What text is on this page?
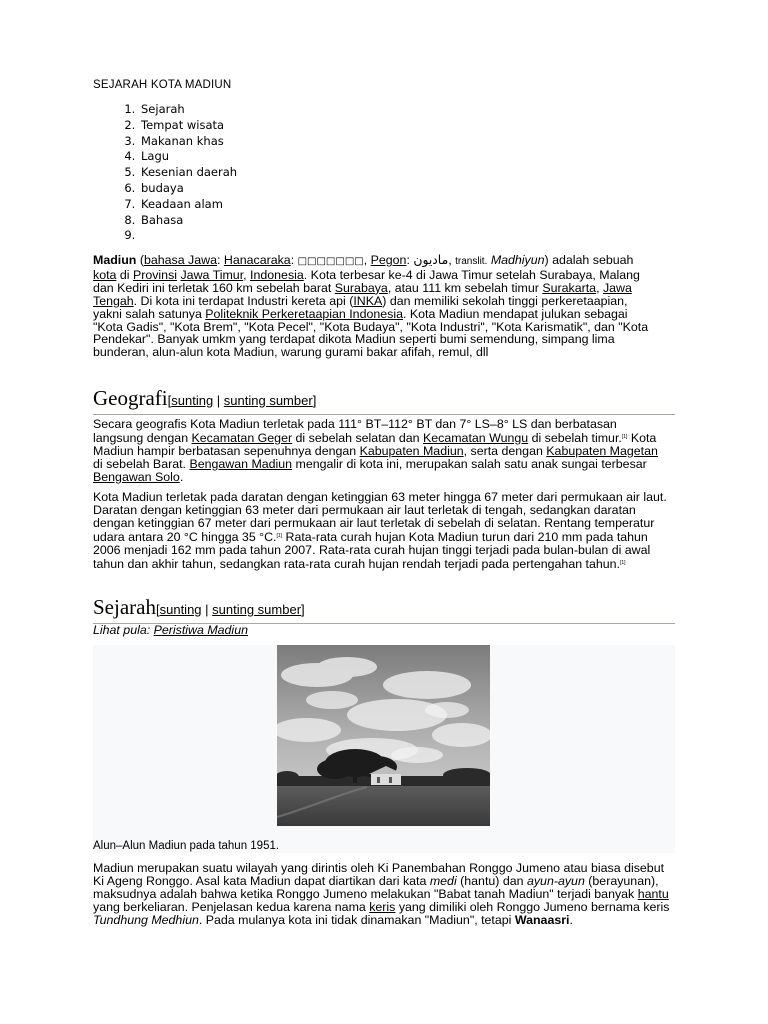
SEJARAH KOTA MADIUN
1. Sejarah
2. Tempat wisata
3. Makanan khas
4. Lagu
5. Kesenian daerah
6. budaya
7. Keadaan alam
8. Bahasa
9.

Madiun (bahasa Jawa: Hanacaraka: □□□□□□□, Pegon: ماديون, translit. Madhiyun) adalah sebuah kota di Provinsi Jawa Timur, Indonesia. Kota terbesar ke-4 di Jawa Timur setelah Surabaya, Malang dan Kediri ini terletak 160 km sebelah barat Surabaya, atau 111 km sebelah timur Surakarta, Jawa Tengah. Di kota ini terdapat Industri kereta api (INKA) dan memiliki sekolah tinggi perkeretaapian, yakni salah satunya Politeknik Perkeretaapian Indonesia. Kota Madiun mendapat julukan sebagai "Kota Gadis", "Kota Brem", "Kota Pecel", "Kota Budaya", "Kota Industri", "Kota Karismatik", dan "Kota Pendekar". Banyak umkm yang terdapat dikota Madiun seperti bumi semendung, simpang lima bunderan, alun-alun kota Madiun, warung gurami bakar afifah, remul, dll

Geografi[sunting | sunting sumber]

Secara geografis Kota Madiun terletak pada 111° BT–112° BT dan 7° LS–8° LS dan berbatasan langsung dengan Kecamatan Geger di sebelah selatan dan Kecamatan Wungu di sebelah timur.[1] Kota Madiun hampir berbatasan sepenuhnya dengan Kabupaten Madiun, serta dengan Kabupaten Magetan di sebelah Barat. Bengawan Madiun mengalir di kota ini, merupakan salah satu anak sungai terbesar Bengawan Solo.

Kota Madiun terletak pada daratan dengan ketinggian 63 meter hingga 67 meter dari permukaan air laut. Daratan dengan ketinggian 63 meter dari permukaan air laut terletak di tengah, sedangkan daratan dengan ketinggian 67 meter dari permukaan air laut terletak di sebelah di selatan. Rentang temperatur udara antara 20 °C hingga 35 °C.[1] Rata-rata curah hujan Kota Madiun turun dari 210 mm pada tahun 2006 menjadi 162 mm pada tahun 2007. Rata-rata curah hujan tinggi terjadi pada bulan-bulan di awal tahun dan akhir tahun, sedangkan rata-rata curah hujan rendah terjadi pada pertengahan tahun.[1]

Sejarah[sunting | sunting sumber]
Lihat pula: Peristiwa Madiun
Alun–Alun Madiun pada tahun 1951.

Madiun merupakan suatu wilayah yang dirintis oleh Ki Panembahan Ronggo Jumeno atau biasa disebut Ki Ageng Ronggo. Asal kata Madiun dapat diartikan dari kata medi (hantu) dan ayun-ayun (berayunan), maksudnya adalah bahwa ketika Ronggo Jumeno melakukan "Babat tanah Madiun" terjadi banyak hantu yang berkeliaran. Penjelasan kedua karena nama keris yang dimiliki oleh Ronggo Jumeno bernama keris Tundhung Medhiun. Pada mulanya kota ini tidak dinamakan "Madiun", tetapi Wanaasri.
